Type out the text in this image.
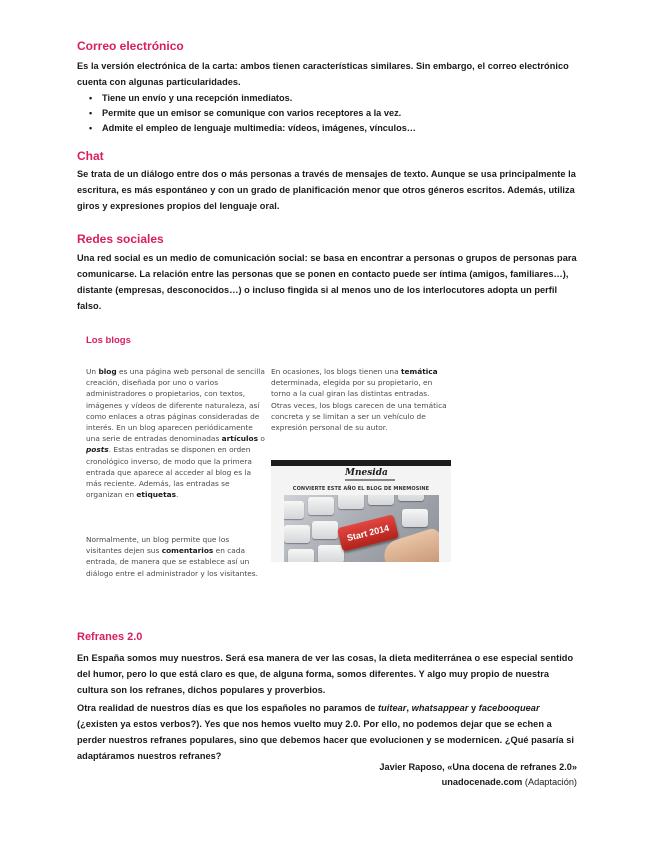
Correo electrónico

Es la versión electrónica de la carta: ambos tienen características similares. Sin embargo, el correo electrónico cuenta con algunas particularidades.

• Tiene un envío y una recepción inmediatos.
• Permite que un emisor se comunique con varios receptores a la vez.
• Admite el empleo de lenguaje multimedia: vídeos, imágenes, vínculos…
Chat

Se trata de un diálogo entre dos o más personas a través de mensajes de texto. Aunque se usa principalmente la escritura, es más espontáneo y con un grado de planificación menor que otros géneros escritos. Además, utiliza giros y expresiones propios del lenguaje oral.

Redes sociales

Una red social es un medio de comunicación social: se basa en encontrar a personas o grupos de personas para comunicarse. La relación entre las personas que se ponen en contacto puede ser íntima (amigos, familiares…), distante (empresas, desconocidos…) o incluso fingida si al menos uno de los interlocutores adopta un perfil falso.

Los blogs

Un blog es una página web personal de sencilla creación, diseñada por uno o varios administradores o propietarios, con textos, imágenes y vídeos de diferente naturaleza, así como enlaces a otras páginas consideradas de interés. En un blog aparecen periódicamente una serie de entradas denominadas artículos o posts. Estas entradas se disponen en orden cronológico inverso, de modo que la primera entrada que aparece al acceder al blog es la más reciente. Además, las entradas se organizan en etiquetas.

Normalmente, un blog permite que los visitantes dejen sus comentarios en cada entrada, de manera que se establece así un diálogo entre el administrador y los visitantes.

En ocasiones, los blogs tienen una temática determinada, elegida por su propietario, en torno a la cual giran las distintas entradas. Otras veces, los blogs carecen de una temática concreta y se limitan a ser un vehículo de expresión personal de su autor.

Mnesida
CONVIERTE ESTE AÑO EL BLOG DE MNEMOSINE
Start 2014
Refranes 2.0

En España somos muy nuestros. Será esa manera de ver las cosas, la dieta mediterránea o ese especial sentido del humor, pero lo que está claro es que, de alguna forma, somos diferentes. Y algo muy propio de nuestra cultura son los refranes, dichos populares y proverbios.

Otra realidad de nuestros días es que los españoles no paramos de tuitear, whatsappear y facebooquear (¿existen ya estos verbos?). Yes que nos hemos vuelto muy 2.0. Por ello, no podemos dejar que se echen a perder nuestros refranes populares, sino que debemos hacer que evolucionen y se modernicen. ¿Qué pasaría si adaptáramos nuestros refranes?

Javier Raposo, «Una docena de refranes 2.0»
unadocenade.com (Adaptación)
